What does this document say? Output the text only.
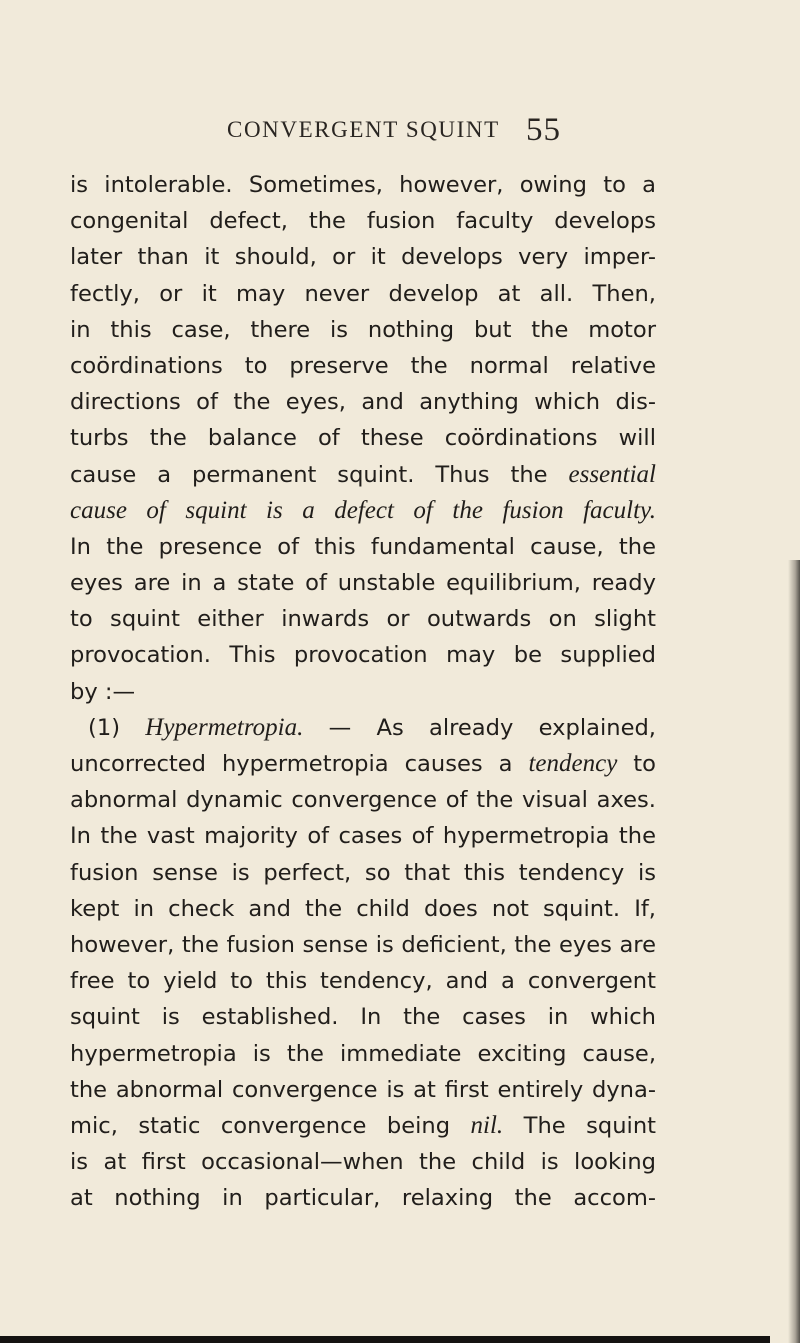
CONVERGENT SQUINT 55
is intolerable. Sometimes, however, owing to a
congenital defect, the fusion faculty develops
later than it should, or it develops very imper-
fectly, or it may never develop at all. Then,
in this case, there is nothing but the motor
coördinations to preserve the normal relative
directions of the eyes, and anything which dis-
turbs the balance of these coördinations will
cause a permanent squint. Thus the essential
cause of squint is a defect of the fusion faculty.
In the presence of this fundamental cause, the
eyes are in a state of unstable equilibrium, ready
to squint either inwards or outwards on slight
provocation. This provocation may be supplied
by :—
(1) Hypermetropia. — As already explained,
uncorrected hypermetropia causes a tendency to
abnormal dynamic convergence of the visual axes.
In the vast majority of cases of hypermetropia the
fusion sense is perfect, so that this tendency is
kept in check and the child does not squint. If,
however, the fusion sense is deficient, the eyes are
free to yield to this tendency, and a convergent
squint is established. In the cases in which
hypermetropia is the immediate exciting cause,
the abnormal convergence is at first entirely dyna-
mic, static convergence being nil. The squint
is at first occasional—when the child is looking
at nothing in particular, relaxing the accom-
